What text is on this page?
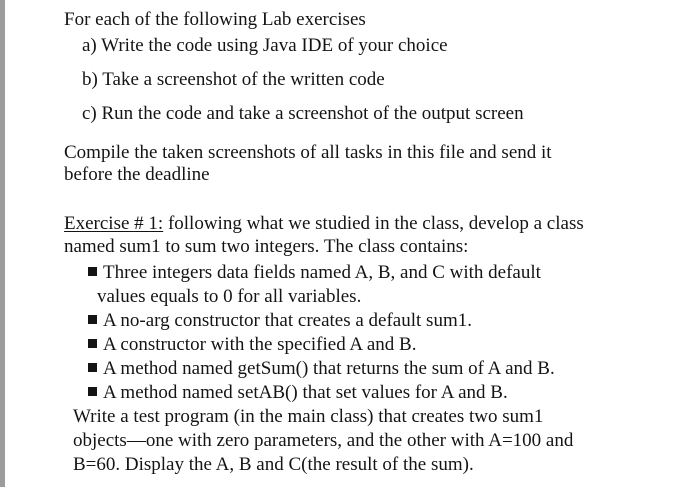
For each of the following Lab exercises
a) Write the code using Java IDE of your choice
b) Take a screenshot of the written code
c) Run the code and take a screenshot of the output screen
Compile the taken screenshots of all tasks in this file and send it
before the deadline
Exercise # 1: following what we studied in the class, develop a class
named sum1 to sum two integers. The class contains:
Three integers data fields named A, B, and C with default
values equals to 0 for all variables.
A no-arg constructor that creates a default sum1.
A constructor with the specified A and B.
A method named getSum() that returns the sum of A and B.
A method named setAB() that set values for A and B.
Write a test program (in the main class) that creates two sum1
objects—one with zero parameters, and the other with A=100 and
B=60. Display the A, B and C(the result of the sum).
